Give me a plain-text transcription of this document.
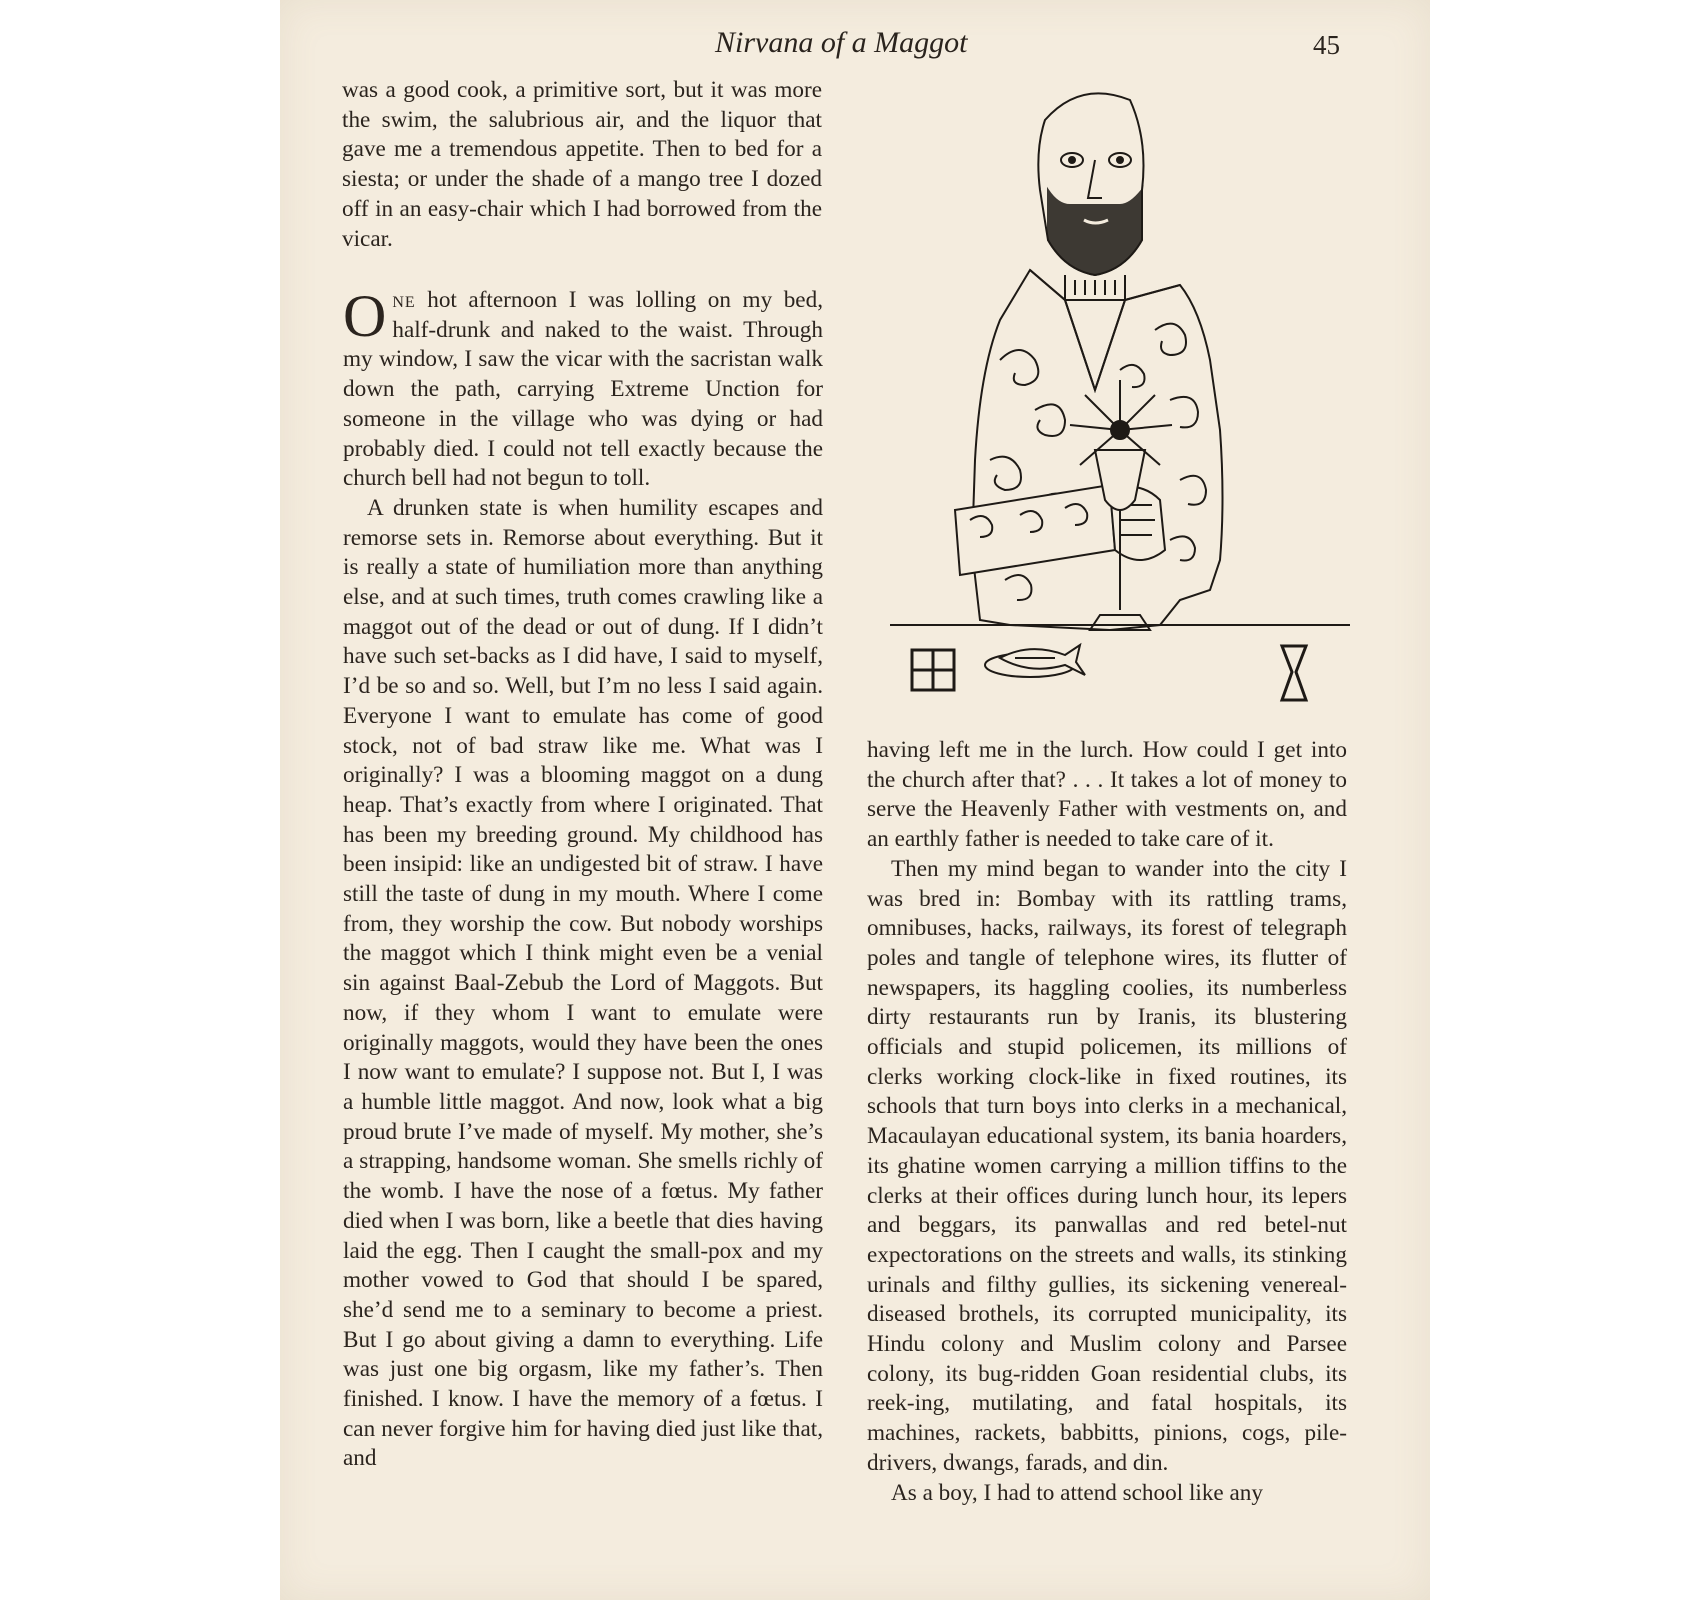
Nirvana of a Maggot	45

was a good cook, a primitive sort, but it was more the swim, the salubrious air, and the liquor that gave me a tremendous appetite. Then to bed for a siesta; or under the shade of a mango tree I dozed off in an easy-chair which I had borrowed from the vicar.

One hot afternoon I was lolling on my bed, half-drunk and naked to the waist. Through my window, I saw the vicar with the sacristan walk down the path, carrying Extreme Unction for someone in the village who was dying or had probably died. I could not tell exactly because the church bell had not begun to toll.

A drunken state is when humility escapes and remorse sets in. Remorse about everything. But it is really a state of humiliation more than anything else, and at such times, truth comes crawling like a maggot out of the dead or out of dung. If I didn’t have such set-backs as I did have, I said to myself, I’d be so and so. Well, but I’m no less I said again. Everyone I want to emulate has come of good stock, not of bad straw like me. What was I originally? I was a blooming maggot on a dung heap. That’s exactly from where I originated. That has been my breeding ground. My childhood has been insipid: like an undigested bit of straw. I have still the taste of dung in my mouth. Where I come from, they worship the cow. But nobody worships the maggot which I think might even be a venial sin against Baal-Zebub the Lord of Maggots. But now, if they whom I want to emulate were originally maggots, would they have been the ones I now want to emulate? I suppose not. But I, I was a humble little maggot. And now, look what a big proud brute I’ve made of myself. My mother, she’s a strapping, handsome woman. She smells richly of the womb. I have the nose of a fœtus. My father died when I was born, like a beetle that dies having laid the egg. Then I caught the small-pox and my mother vowed to God that should I be spared, she’d send me to a seminary to become a priest. But I go about giving a damn to everything. Life was just one big orgasm, like my father’s. Then finished. I know. I have the memory of a fœtus. I can never forgive him for having died just like that, and

having left me in the lurch. How could I get into the church after that? . . . It takes a lot of money to serve the Heavenly Father with vestments on, and an earthly father is needed to take care of it.

Then my mind began to wander into the city I was bred in: Bombay with its rattling trams, omnibuses, hacks, railways, its forest of telegraph poles and tangle of telephone wires, its flutter of newspapers, its haggling coolies, its numberless dirty restaurants run by Iranis, its blustering officials and stupid policemen, its millions of clerks working clock-like in fixed routines, its schools that turn boys into clerks in a mechanical, Macaulayan educational system, its bania hoarders, its ghatine women carrying a million tiffins to the clerks at their offices during lunch hour, its lepers and beggars, its panwallas and red betel-nut expectorations on the streets and walls, its stinking urinals and filthy gullies, its sickening venereal-diseased brothels, its corrupted municipality, its Hindu colony and Muslim colony and Parsee colony, its bug-ridden Goan residential clubs, its reek-ing, mutilating, and fatal hospitals, its machines, rackets, babbitts, pinions, cogs, pile-drivers, dwangs, farads, and din.

As a boy, I had to attend school like any
